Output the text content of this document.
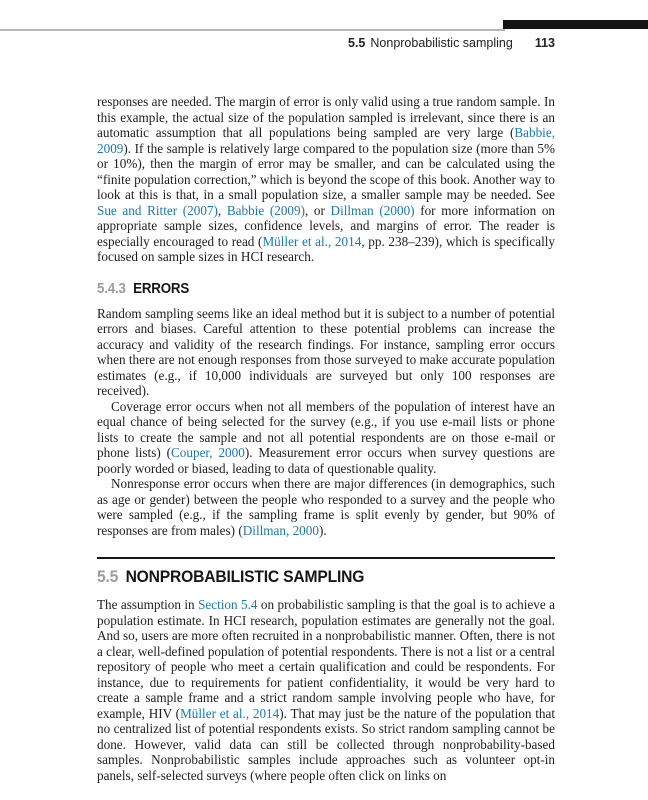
5.5 Nonprobabilistic sampling 113

responses are needed. The margin of error is only valid using a true random sample. In this example, the actual size of the population sampled is irrelevant, since there is an automatic assumption that all populations being sampled are very large (Babbie, 2009). If the sample is relatively large compared to the population size (more than 5% or 10%), then the margin of error may be smaller, and can be calculated using the “finite population correction,” which is beyond the scope of this book. Another way to look at this is that, in a small population size, a smaller sample may be needed. See Sue and Ritter (2007), Babbie (2009), or Dillman (2000) for more information on appropriate sample sizes, confidence levels, and margins of error. The reader is especially encouraged to read (Müller et al., 2014, pp. 238–239), which is specifically focused on sample sizes in HCI research.

5.4.3 ERRORS

Random sampling seems like an ideal method but it is subject to a number of potential errors and biases. Careful attention to these potential problems can increase the accuracy and validity of the research findings. For instance, sampling error occurs when there are not enough responses from those surveyed to make accurate population estimates (e.g., if 10,000 individuals are surveyed but only 100 responses are received).

Coverage error occurs when not all members of the population of interest have an equal chance of being selected for the survey (e.g., if you use e-mail lists or phone lists to create the sample and not all potential respondents are on those e-mail or phone lists) (Couper, 2000). Measurement error occurs when survey questions are poorly worded or biased, leading to data of questionable quality.

Nonresponse error occurs when there are major differences (in demographics, such as age or gender) between the people who responded to a survey and the people who were sampled (e.g., if the sampling frame is split evenly by gender, but 90% of responses are from males) (Dillman, 2000).

5.5 NONPROBABILISTIC SAMPLING

The assumption in Section 5.4 on probabilistic sampling is that the goal is to achieve a population estimate. In HCI research, population estimates are generally not the goal. And so, users are more often recruited in a nonprobabilistic manner. Often, there is not a clear, well-defined population of potential respondents. There is not a list or a central repository of people who meet a certain qualification and could be respondents. For instance, due to requirements for patient confidentiality, it would be very hard to create a sample frame and a strict random sample involving people who have, for example, HIV (Müller et al., 2014). That may just be the nature of the population that no centralized list of potential respondents exists. So strict random sampling cannot be done. However, valid data can still be collected through nonprobability-based samples. Nonprobabilistic samples include approaches such as volunteer opt-in panels, self-selected surveys (where people often click on links on
